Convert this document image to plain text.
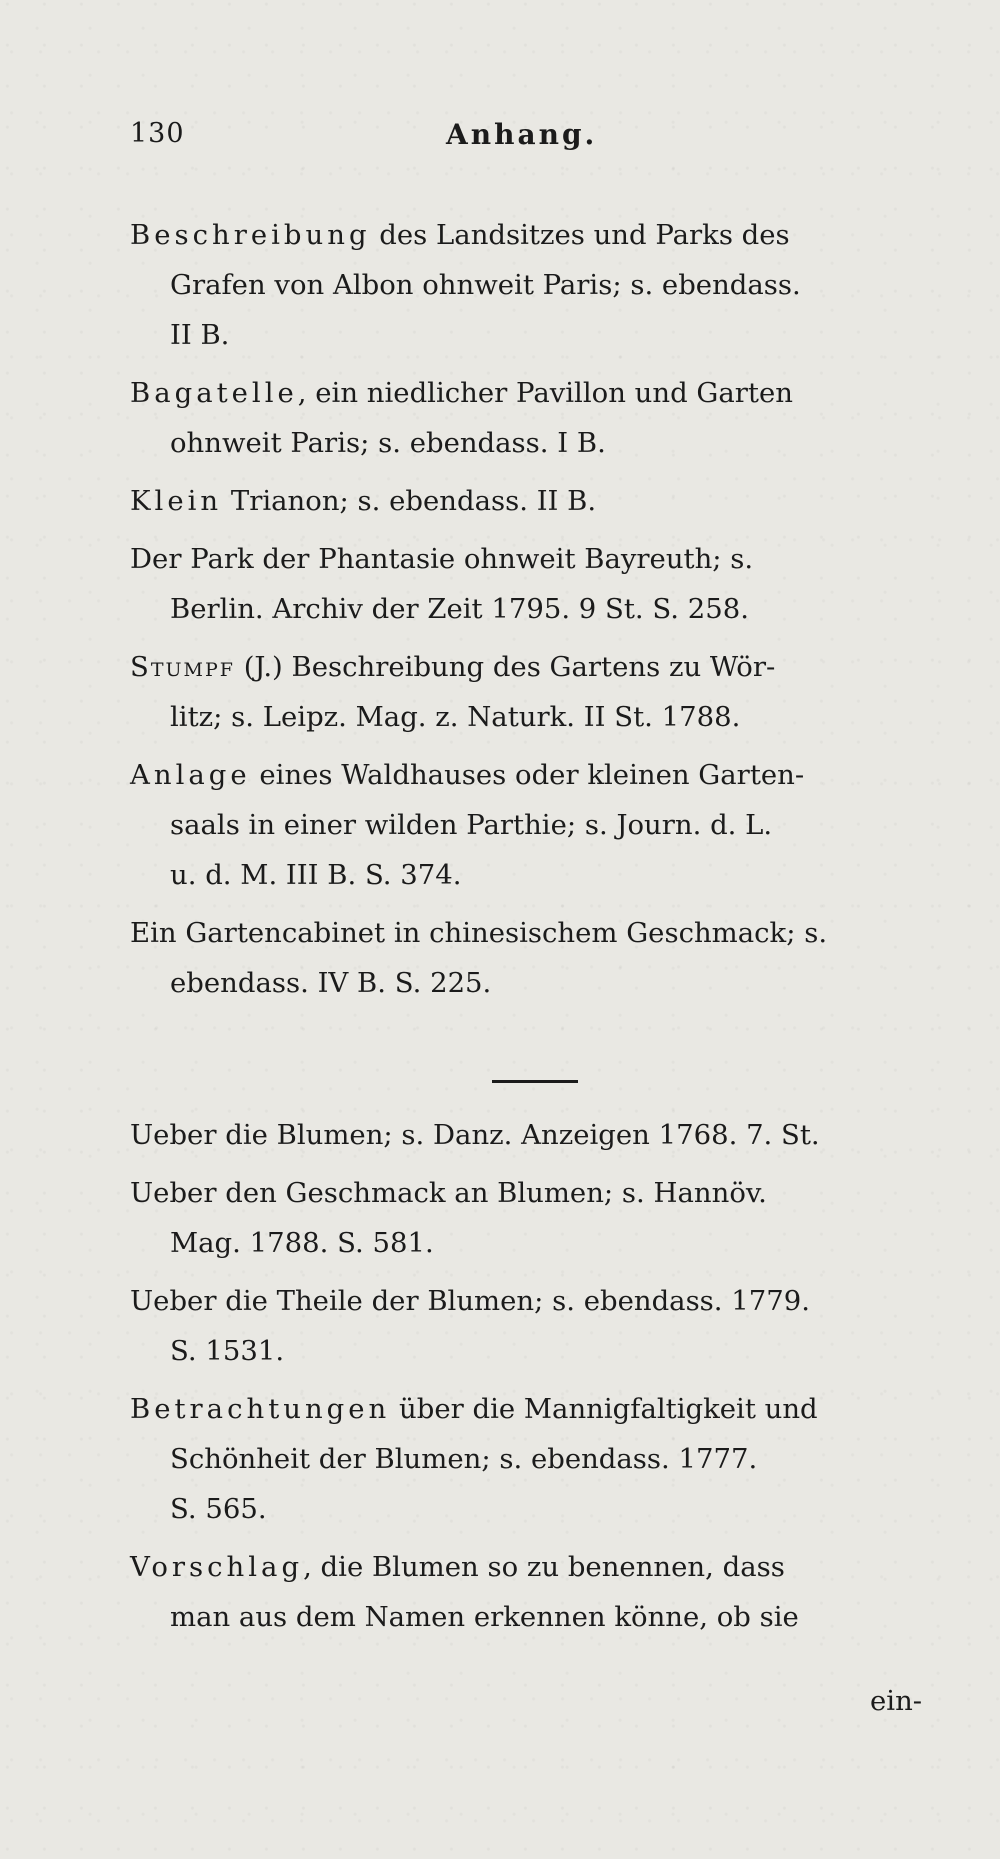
130	Anhang.
Beschreibung des Landsitzes und Parks des
Grafen von Albon ohnweit Paris; s. ebendass.
II B.
Bagatelle, ein niedlicher Pavillon und Garten
ohnweit Paris; s. ebendass. I B.
Klein Trianon; s. ebendass. II B.
Der Park der Phantasie ohnweit Bayreuth; s.
Berlin. Archiv der Zeit 1795. 9 St. S. 258.
Stumpf (J.) Beschreibung des Gartens zu Wör-
litz; s. Leipz. Mag. z. Naturk. II St. 1788.
Anlage eines Waldhauses oder kleinen Garten-
saals in einer wilden Parthie; s. Journ. d. L.
u. d. M. III B. S. 374.
Ein Gartencabinet in chinesischem Geschmack; s.
ebendass. IV B. S. 225.
Ueber die Blumen; s. Danz. Anzeigen 1768. 7. St.
Ueber den Geschmack an Blumen; s. Hannöv.
Mag. 1788. S. 581.
Ueber die Theile der Blumen; s. ebendass. 1779.
S. 1531.
Betrachtungen über die Mannigfaltigkeit und
Schönheit der Blumen; s. ebendass. 1777.
S. 565.
Vorschlag, die Blumen so zu benennen, dass
man aus dem Namen erkennen könne, ob sie
ein-
